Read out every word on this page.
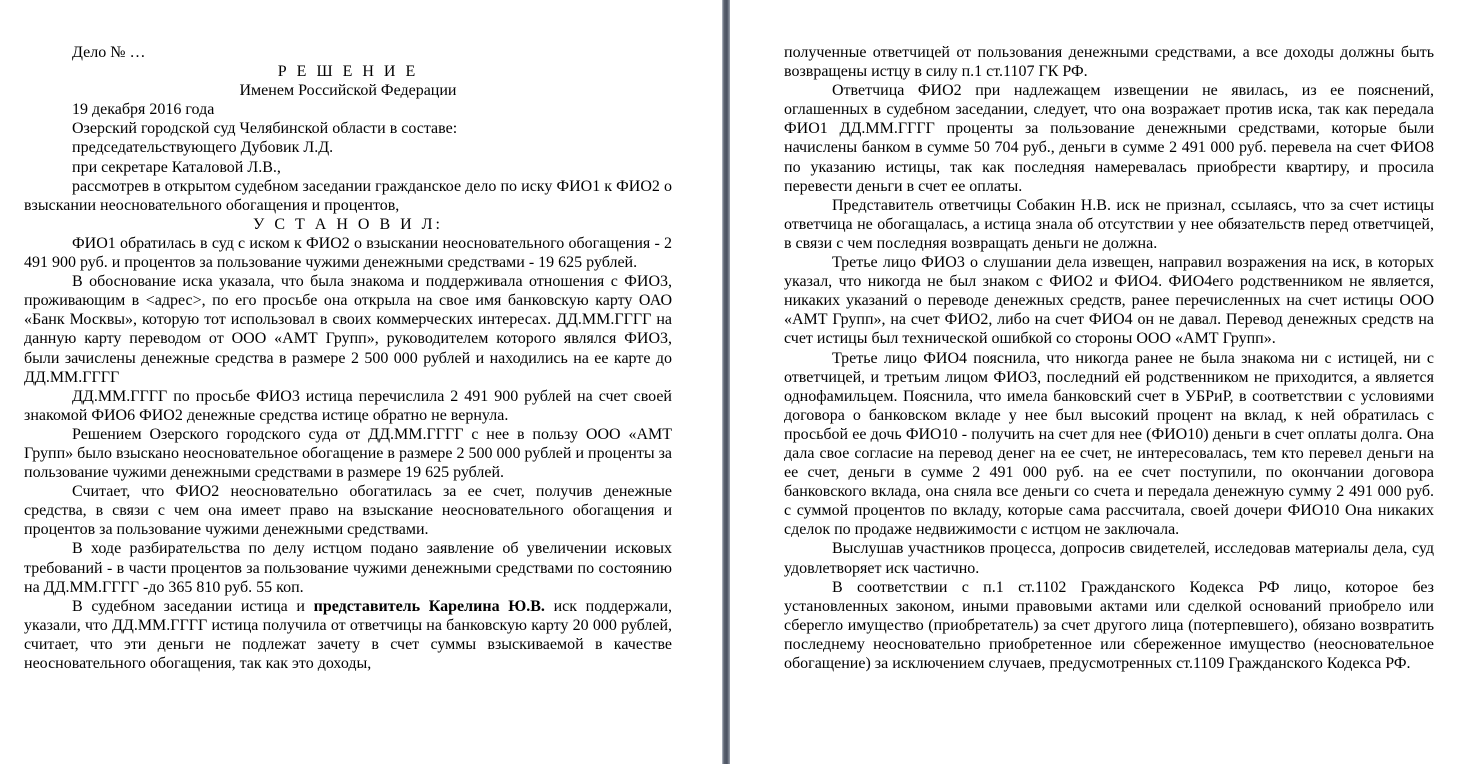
Дело № …

Р Е Ш Е Н И Е

Именем Российской Федерации

19 декабря 2016 года

Озерский городской суд Челябинской области в составе:

председательствующего Дубовик Л.Д.

при секретаре Каталовой Л.В.,

рассмотрев в открытом судебном заседании гражданское дело по иску ФИО1 к ФИО2 о взыскании неосновательного обогащения и процентов,

У С Т А Н О В И Л:

ФИО1 обратилась в суд с иском к ФИО2 о взыскании неосновательного обогащения - 2 491 900 руб. и процентов за пользование чужими денежными средствами - 19 625 рублей.

В обоснование иска указала, что была знакома и поддерживала отношения с ФИО3, проживающим в <адрес>, по его просьбе она открыла на свое имя банковскую карту ОАО «Банк Москвы», которую тот использовал в своих коммерческих интересах. ДД.ММ.ГГГГ на данную карту переводом от ООО «АМТ Групп», руководителем которого являлся ФИО3, были зачислены денежные средства в размере 2 500 000 рублей и находились на ее карте до ДД.ММ.ГГГГ

ДД.ММ.ГГГГ по просьбе ФИО3 истица перечислила 2 491 900 рублей на счет своей знакомой ФИО6 ФИО2 денежные средства истице обратно не вернула.

Решением Озерского городского суда от ДД.ММ.ГГГГ с нее в пользу ООО «АМТ Групп» было взыскано неосновательное обогащение в размере 2 500 000 рублей и проценты за пользование чужими денежными средствами в размере 19 625 рублей.

Считает, что ФИО2 неосновательно обогатилась за ее счет, получив денежные средства, в связи с чем она имеет право на взыскание неосновательного обогащения и процентов за пользование чужими денежными средствами.

В ходе разбирательства по делу истцом подано заявление об увеличении исковых требований - в части процентов за пользование чужими денежными средствами по состоянию на ДД.ММ.ГГГГ -до 365 810 руб. 55 коп.

В судебном заседании истица и представитель Карелина Ю.В. иск поддержали, указали, что ДД.ММ.ГГГГ истица получила от ответчицы на банковскую карту 20 000 рублей, считает, что эти деньги не подлежат зачету в счет суммы взыскиваемой в качестве неосновательного обогащения, так как это доходы,

полученные ответчицей от пользования денежными средствами, а все доходы должны быть возвращены истцу в силу п.1 ст.1107 ГК РФ.

Ответчица ФИО2 при надлежащем извещении не явилась, из ее пояснений, оглашенных в судебном заседании, следует, что она возражает против иска, так как передала ФИО1 ДД.ММ.ГГГГ проценты за пользование денежными средствами, которые были начислены банком в сумме 50 704 руб., деньги в сумме 2 491 000 руб. перевела на счет ФИО8 по указанию истицы, так как последняя намеревалась приобрести квартиру, и просила перевести деньги в счет ее оплаты.

Представитель ответчицы Собакин Н.В. иск не признал, ссылаясь, что за счет истицы ответчица не обогащалась, а истица знала об отсутствии у нее обязательств перед ответчицей, в связи с чем последняя возвращать деньги не должна.

Третье лицо ФИО3 о слушании дела извещен, направил возражения на иск, в которых указал, что никогда не был знаком с ФИО2 и ФИО4. ФИО4его родственником не является, никаких указаний о переводе денежных средств, ранее перечисленных на счет истицы ООО «АМТ Групп», на счет ФИО2, либо на счет ФИО4 он не давал. Перевод денежных средств на счет истицы был технической ошибкой со стороны ООО «АМТ Групп».

Третье лицо ФИО4 пояснила, что никогда ранее не была знакома ни с истицей, ни с ответчицей, и третьим лицом ФИО3, последний ей родственником не приходится, а является однофамильцем. Пояснила, что имела банковский счет в УБРиР, в соответствии с условиями договора о банковском вкладе у нее был высокий процент на вклад, к ней обратилась с просьбой ее дочь ФИО10 - получить на счет для нее (ФИО10) деньги в счет оплаты долга. Она дала свое согласие на перевод денег на ее счет, не интересовалась, тем кто перевел деньги на ее счет, деньги в сумме 2 491 000 руб. на ее счет поступили, по окончании договора банковского вклада, она сняла все деньги со счета и передала денежную сумму 2 491 000 руб. с суммой процентов по вкладу, которые сама рассчитала, своей дочери ФИО10 Она никаких сделок по продаже недвижимости с истцом не заключала.

Выслушав участников процесса, допросив свидетелей, исследовав материалы дела, суд удовлетворяет иск частично.

В соответствии с п.1 ст.1102 Гражданского Кодекса РФ лицо, которое без установленных законом, иными правовыми актами или сделкой оснований приобрело или сберегло имущество (приобретатель) за счет другого лица (потерпевшего), обязано возвратить последнему неосновательно приобретенное или сбереженное имущество (неосновательное обогащение) за исключением случаев, предусмотренных ст.1109 Гражданского Кодекса РФ.
